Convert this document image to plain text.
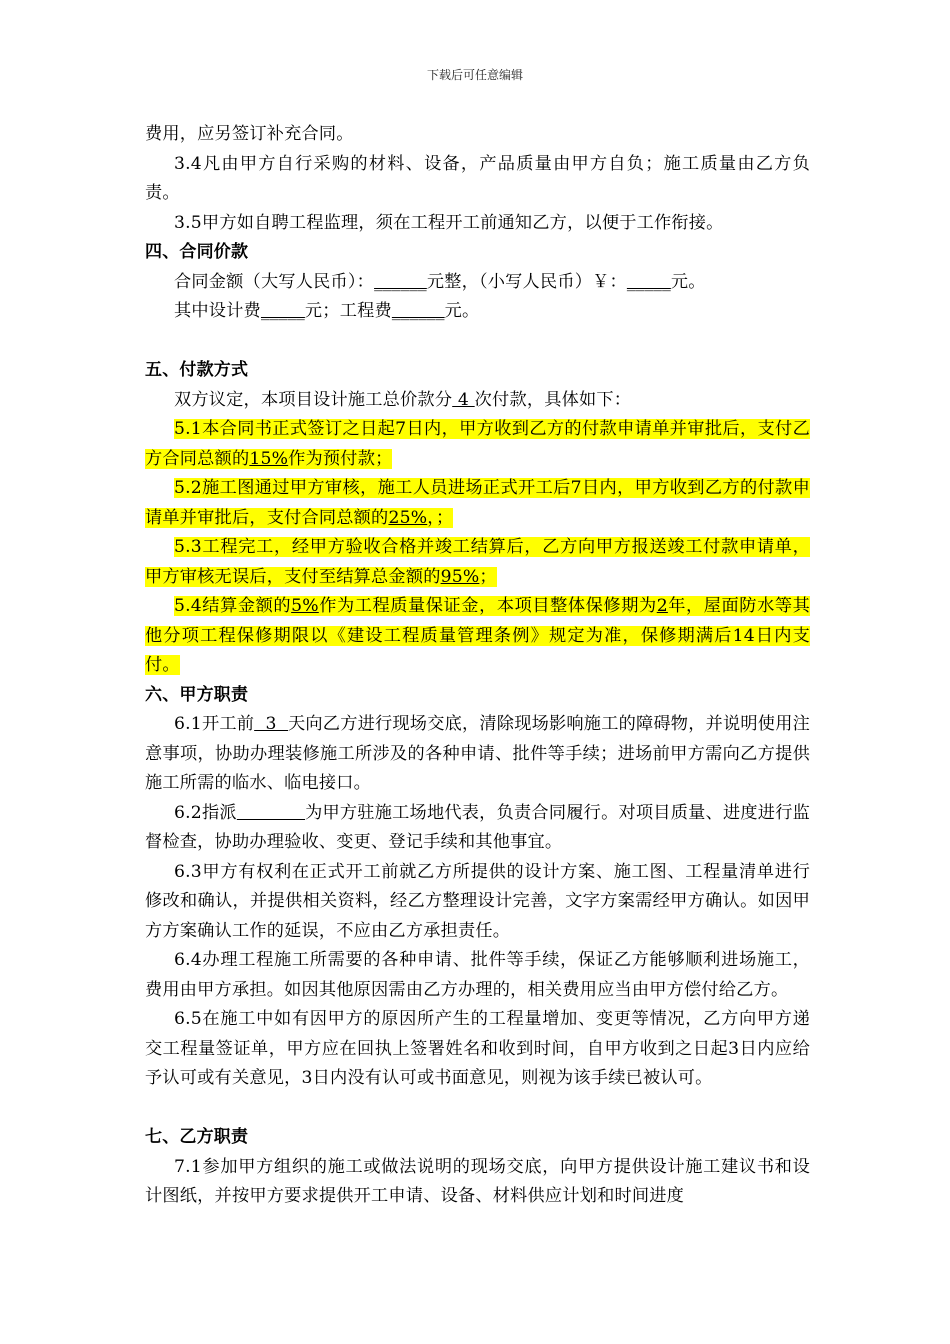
下载后可任意编辑

费用，应另签订补充合同。

3.4凡由甲方自行采购的材料、设备，产品质量由甲方自负；施工质量由乙方负责。

3.5甲方如自聘工程监理，须在工程开工前通知乙方，以便于工作衔接。

四、合同价款

合同金额（大写人民币）：______元整，（小写人民币）￥：_____元。

其中设计费_____元；工程费______元。

五、付款方式

双方议定，本项目设计施工总价款分 4 次付款，具体如下：

5.1本合同书正式签订之日起7日内，甲方收到乙方的付款申请单并审批后，支付乙方合同总额的15%作为预付款；

5.2施工图通过甲方审核，施工人员进场正式开工后7日内，甲方收到乙方的付款申请单并审批后，支付合同总额的25%，；

5.3工程完工，经甲方验收合格并竣工结算后，乙方向甲方报送竣工付款申请单，甲方审核无误后，支付至结算总金额的95%；

5.4结算金额的5%作为工程质量保证金，本项目整体保修期为2年，屋面防水等其他分项工程保修期限以《建设工程质量管理条例》规定为准，保修期满后14日内支付。

六、甲方职责

6.1开工前  3  天向乙方进行现场交底，清除现场影响施工的障碍物，并说明使用注意事项，协助办理装修施工所涉及的各种申请、批件等手续；进场前甲方需向乙方提供施工所需的临水、临电接口。

6.2指派	为甲方驻施工场地代表，负责合同履行。对项目质量、进度进行监督检查，协助办理验收、变更、登记手续和其他事宜。

6.3甲方有权利在正式开工前就乙方所提供的设计方案、施工图、工程量清单进行修改和确认，并提供相关资料，经乙方整理设计完善，文字方案需经甲方确认。如因甲方方案确认工作的延误，不应由乙方承担责任。

6.4办理工程施工所需要的各种申请、批件等手续，保证乙方能够顺利进场施工，费用由甲方承担。如因其他原因需由乙方办理的，相关费用应当由甲方偿付给乙方。

6.5在施工中如有因甲方的原因所产生的工程量增加、变更等情况，乙方向甲方递交工程量签证单，甲方应在回执上签署姓名和收到时间，自甲方收到之日起3日内应给予认可或有关意见，3日内没有认可或书面意见，则视为该手续已被认可。

七、乙方职责

7.1参加甲方组织的施工或做法说明的现场交底，向甲方提供设计施工建议书和设计图纸，并按甲方要求提供开工申请、设备、材料供应计划和时间进度
